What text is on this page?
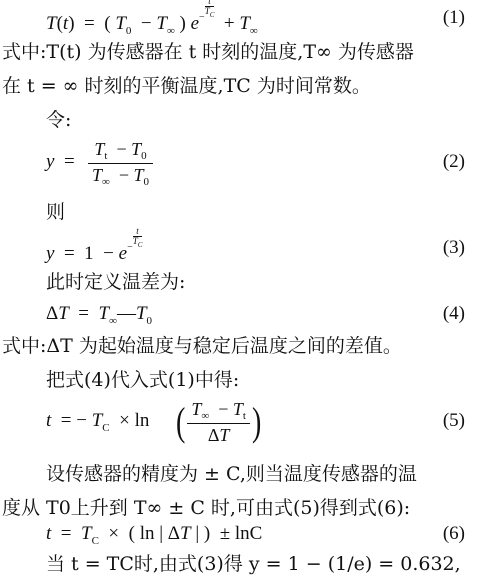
T(t)  =  ( $T_0 - T_\infty$ ) $e^{- \frac{t}{T_C}}$
+ $T_\infty$
(1)
式中:T(t) 为传感器在 t 时刻的温度,T∞ 为传感器
在 t = ∞ 时刻的平衡温度,TC 为时间常数。
令:
$y = \frac{T_t - T_0}{T_\infty - T_0}$	(2)
则
$y = 1 - e^{- \frac{t}{T_C}}$	(3)
此时定义温差为:
$\Delta T = T_\infty—T_0$	(4)
式中:ΔT 为起始温度与稳定后温度之间的差值。
把式(4)代入式(1)中得:
t  = − $T_C \times \ln$ ( $\frac{T_\infty - T_t}{\Delta T}$ )	(5)
设传感器的精度为 ± C,则当温度传感器的温
度从 T0上升到 T∞ ± C 时,可由式(5)得到式(6):
$t = T_C$  ×  ( ln | ΔT | )  ± lnC	(6)
当 t = TC时,由式(3)得 y = 1 − (1/e) = 0.632,
